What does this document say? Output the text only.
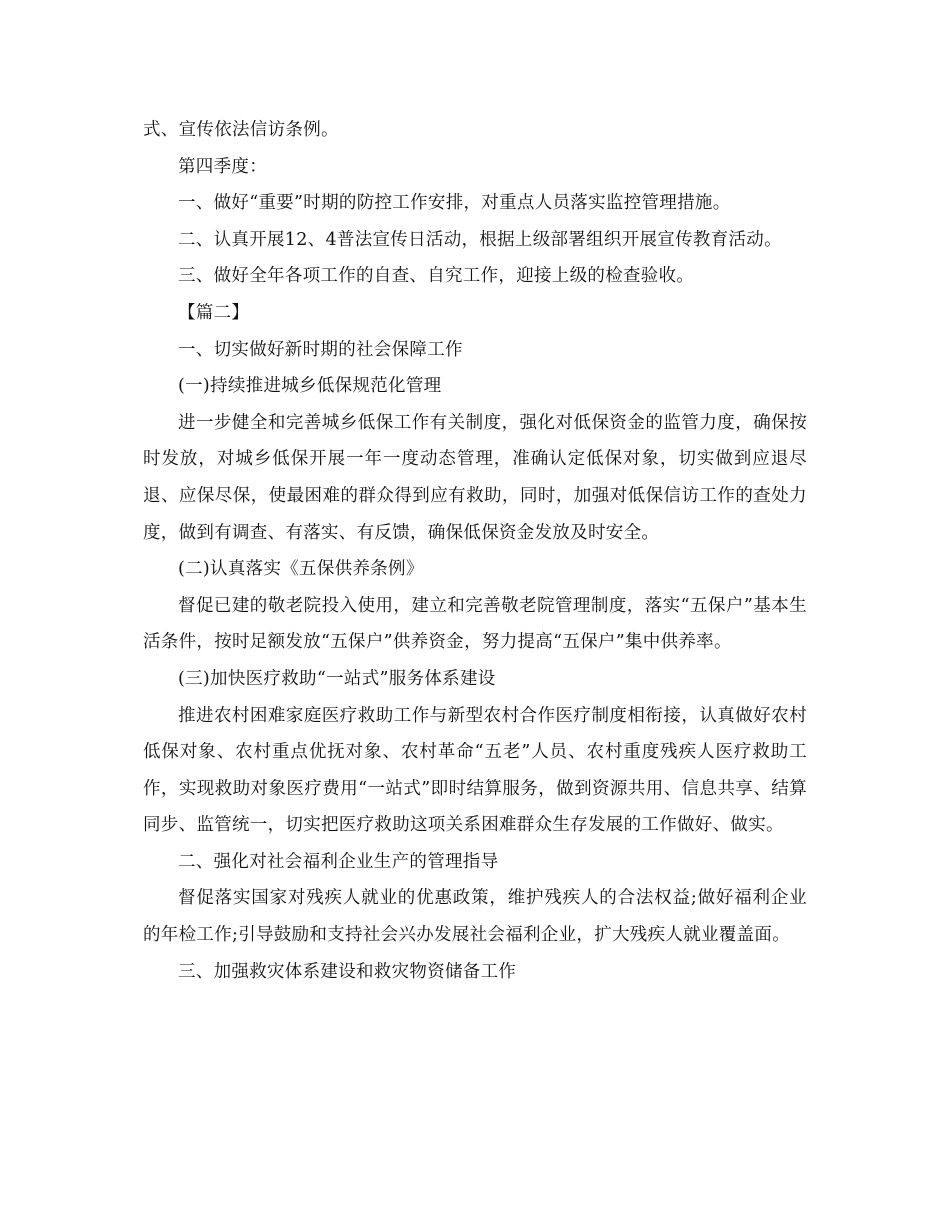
式、宣传依法信访条例。

第四季度：

一、做好“重要”时期的防控工作安排，对重点人员落实监控管理措施。

二、认真开展12、4普法宣传日活动，根据上级部署组织开展宣传教育活动。

三、做好全年各项工作的自查、自究工作，迎接上级的检查验收。

【篇二】

一、切实做好新时期的社会保障工作

(一)持续推进城乡低保规范化管理

进一步健全和完善城乡低保工作有关制度，强化对低保资金的监管力度，确保按时发放，对城乡低保开展一年一度动态管理，准确认定低保对象，切实做到应退尽退、应保尽保，使最困难的群众得到应有救助，同时，加强对低保信访工作的查处力度，做到有调查、有落实、有反馈，确保低保资金发放及时安全。

(二)认真落实《五保供养条例》

督促已建的敬老院投入使用，建立和完善敬老院管理制度，落实“五保户”基本生活条件，按时足额发放“五保户”供养资金，努力提高“五保户”集中供养率。

(三)加快医疗救助“一站式”服务体系建设

推进农村困难家庭医疗救助工作与新型农村合作医疗制度相衔接，认真做好农村低保对象、农村重点优抚对象、农村革命“五老”人员、农村重度残疾人医疗救助工作，实现救助对象医疗费用“一站式”即时结算服务，做到资源共用、信息共享、结算同步、监管统一，切实把医疗救助这项关系困难群众生存发展的工作做好、做实。

二、强化对社会福利企业生产的管理指导

督促落实国家对残疾人就业的优惠政策，维护残疾人的合法权益;做好福利企业的年检工作;引导鼓励和支持社会兴办发展社会福利企业，扩大残疾人就业覆盖面。

三、加强救灾体系建设和救灾物资储备工作
